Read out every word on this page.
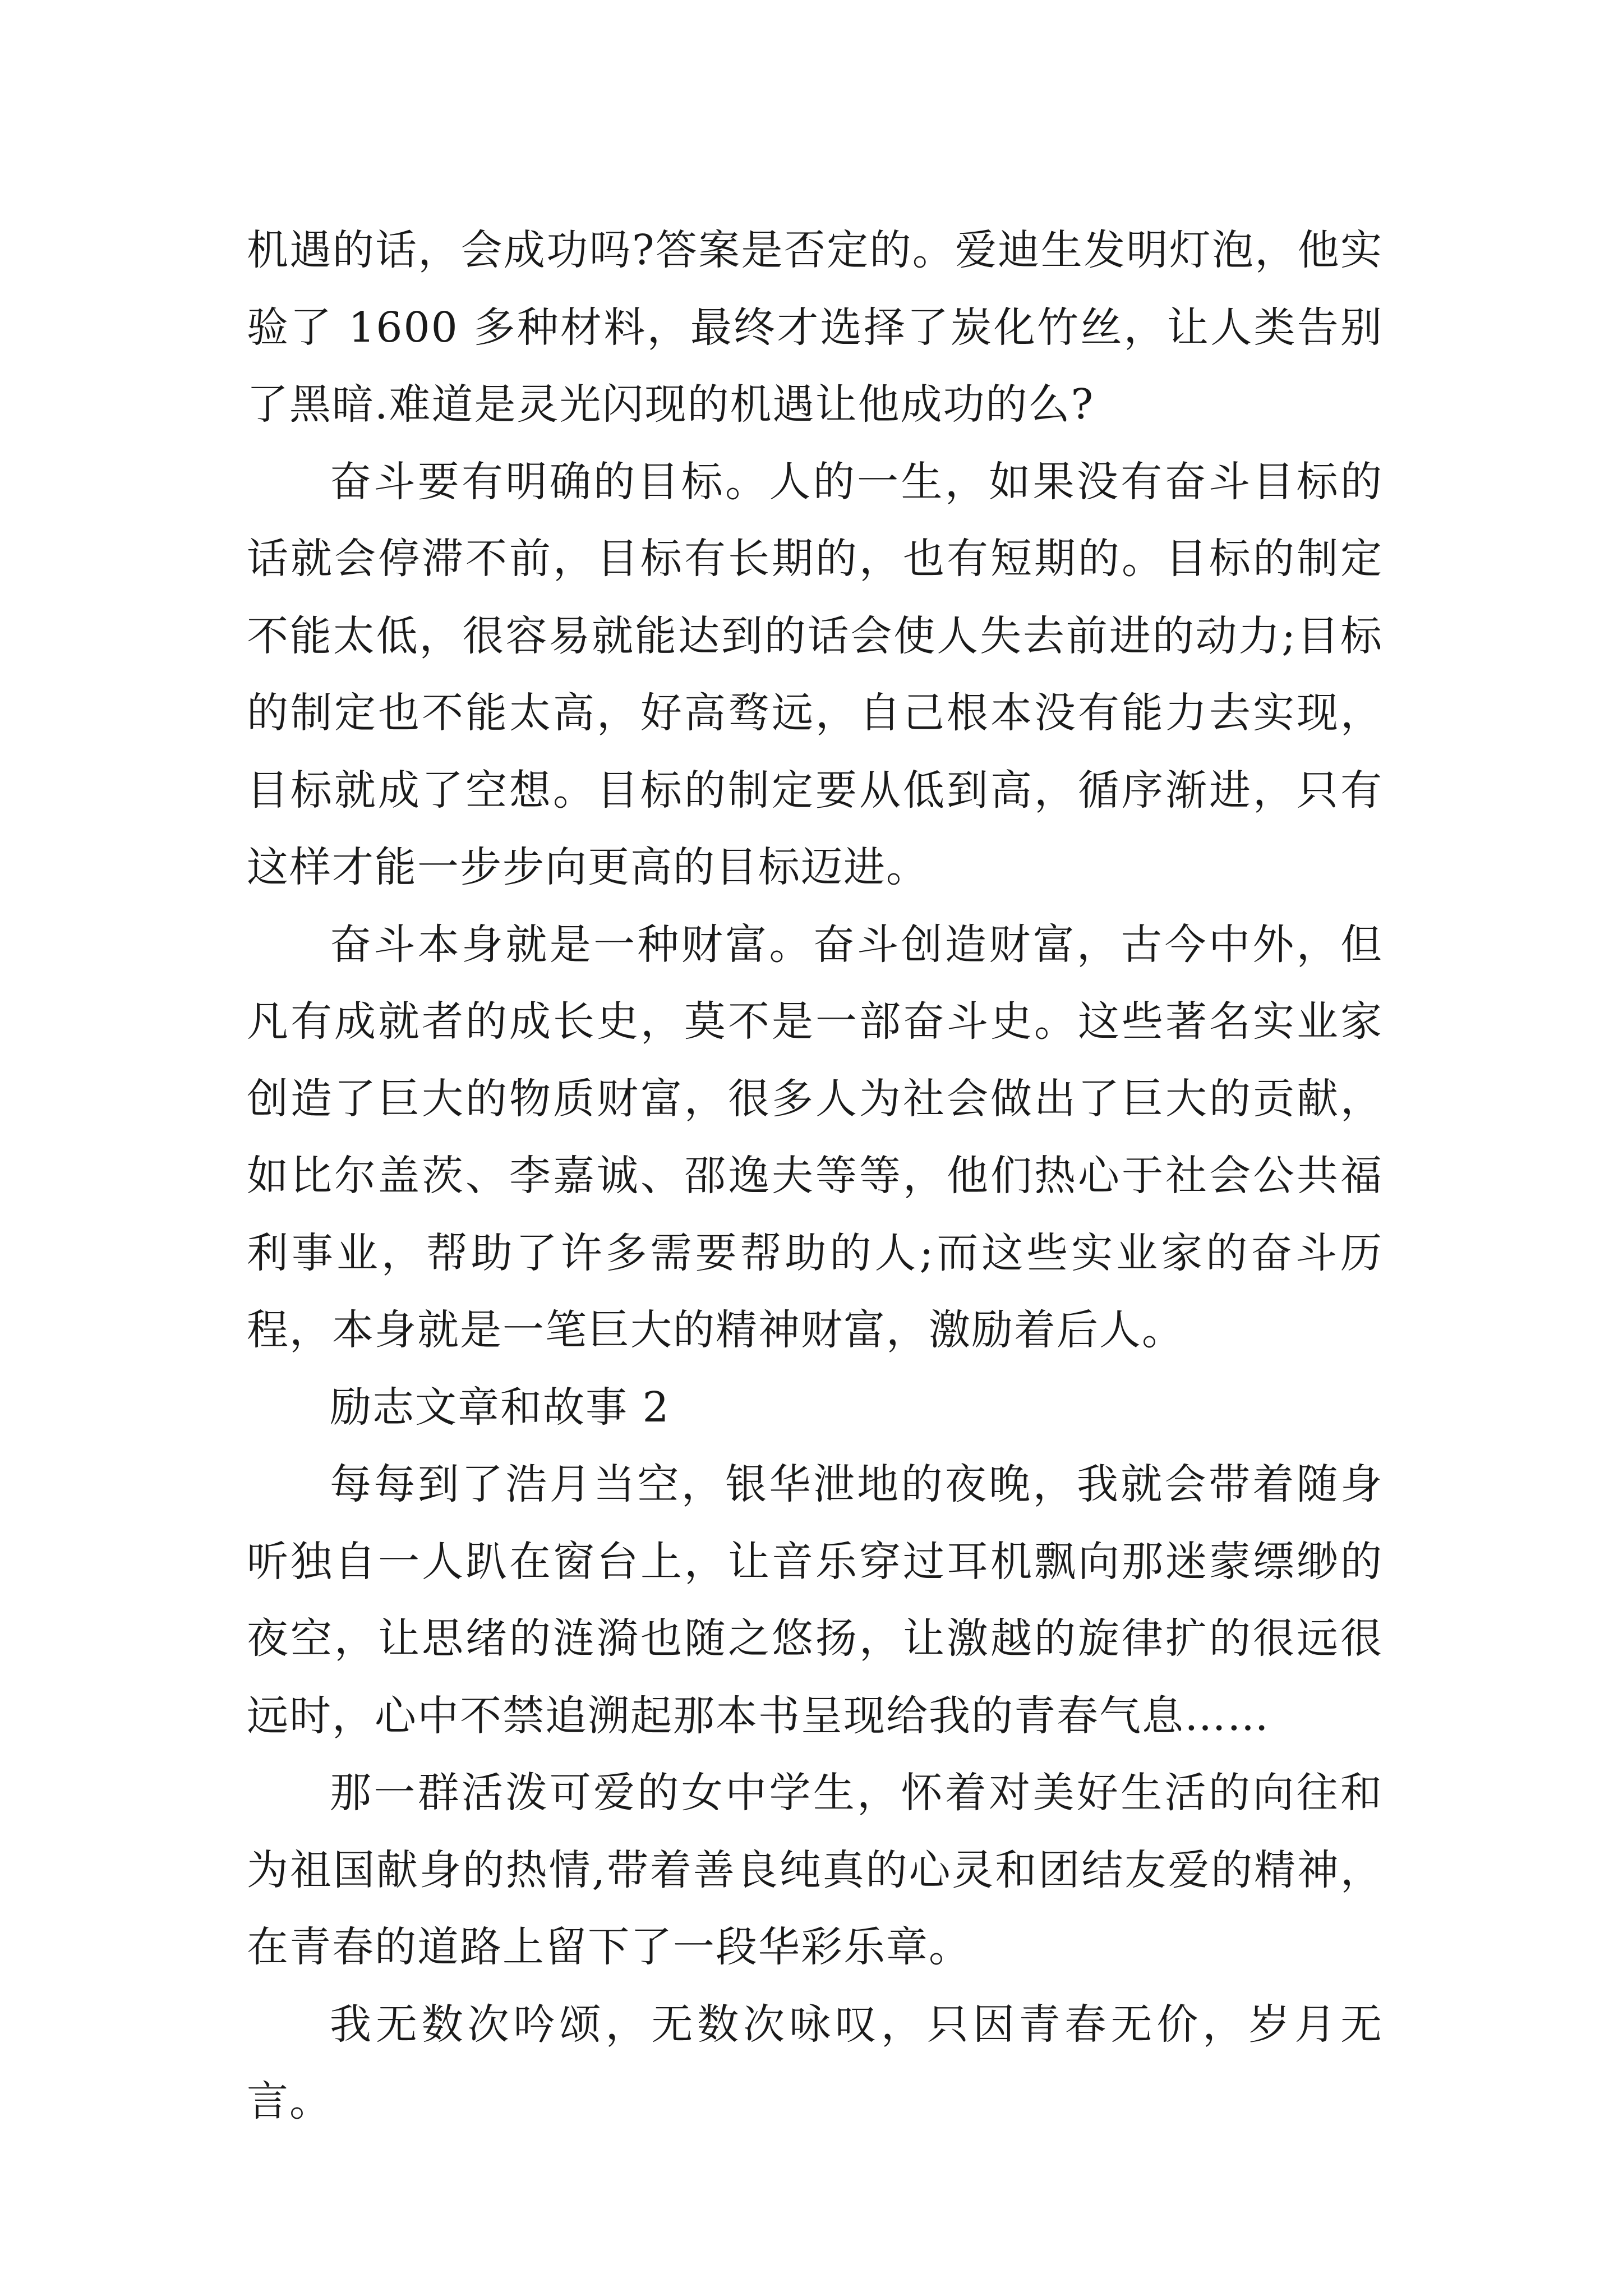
机遇的话，会成功吗?答案是否定的。爱迪生发明灯泡，他实验了 1600 多种材料，最终才选择了炭化竹丝，让人类告别了黑暗.难道是灵光闪现的机遇让他成功的么?

奋斗要有明确的目标。人的一生，如果没有奋斗目标的话就会停滞不前，目标有长期的，也有短期的。目标的制定不能太低，很容易就能达到的话会使人失去前进的动力;目标的制定也不能太高，好高骛远，自己根本没有能力去实现，目标就成了空想。目标的制定要从低到高，循序渐进，只有这样才能一步步向更高的目标迈进。

奋斗本身就是一种财富。奋斗创造财富，古今中外，但凡有成就者的成长史，莫不是一部奋斗史。这些著名实业家创造了巨大的物质财富，很多人为社会做出了巨大的贡献，如比尔盖茨、李嘉诚、邵逸夫等等，他们热心于社会公共福利事业，帮助了许多需要帮助的人;而这些实业家的奋斗历程，本身就是一笔巨大的精神财富，激励着后人。

励志文章和故事 2

每每到了浩月当空，银华泄地的夜晚，我就会带着随身听独自一人趴在窗台上，让音乐穿过耳机飘向那迷蒙缥缈的夜空，让思绪的涟漪也随之悠扬，让激越的旋律扩的很远很远时，心中不禁追溯起那本书呈现给我的青春气息……

那一群活泼可爱的女中学生，怀着对美好生活的向往和为祖国献身的热情,带着善良纯真的心灵和团结友爱的精神，在青春的道路上留下了一段华彩乐章。

我无数次吟颂，无数次咏叹，只因青春无价，岁月无言。
